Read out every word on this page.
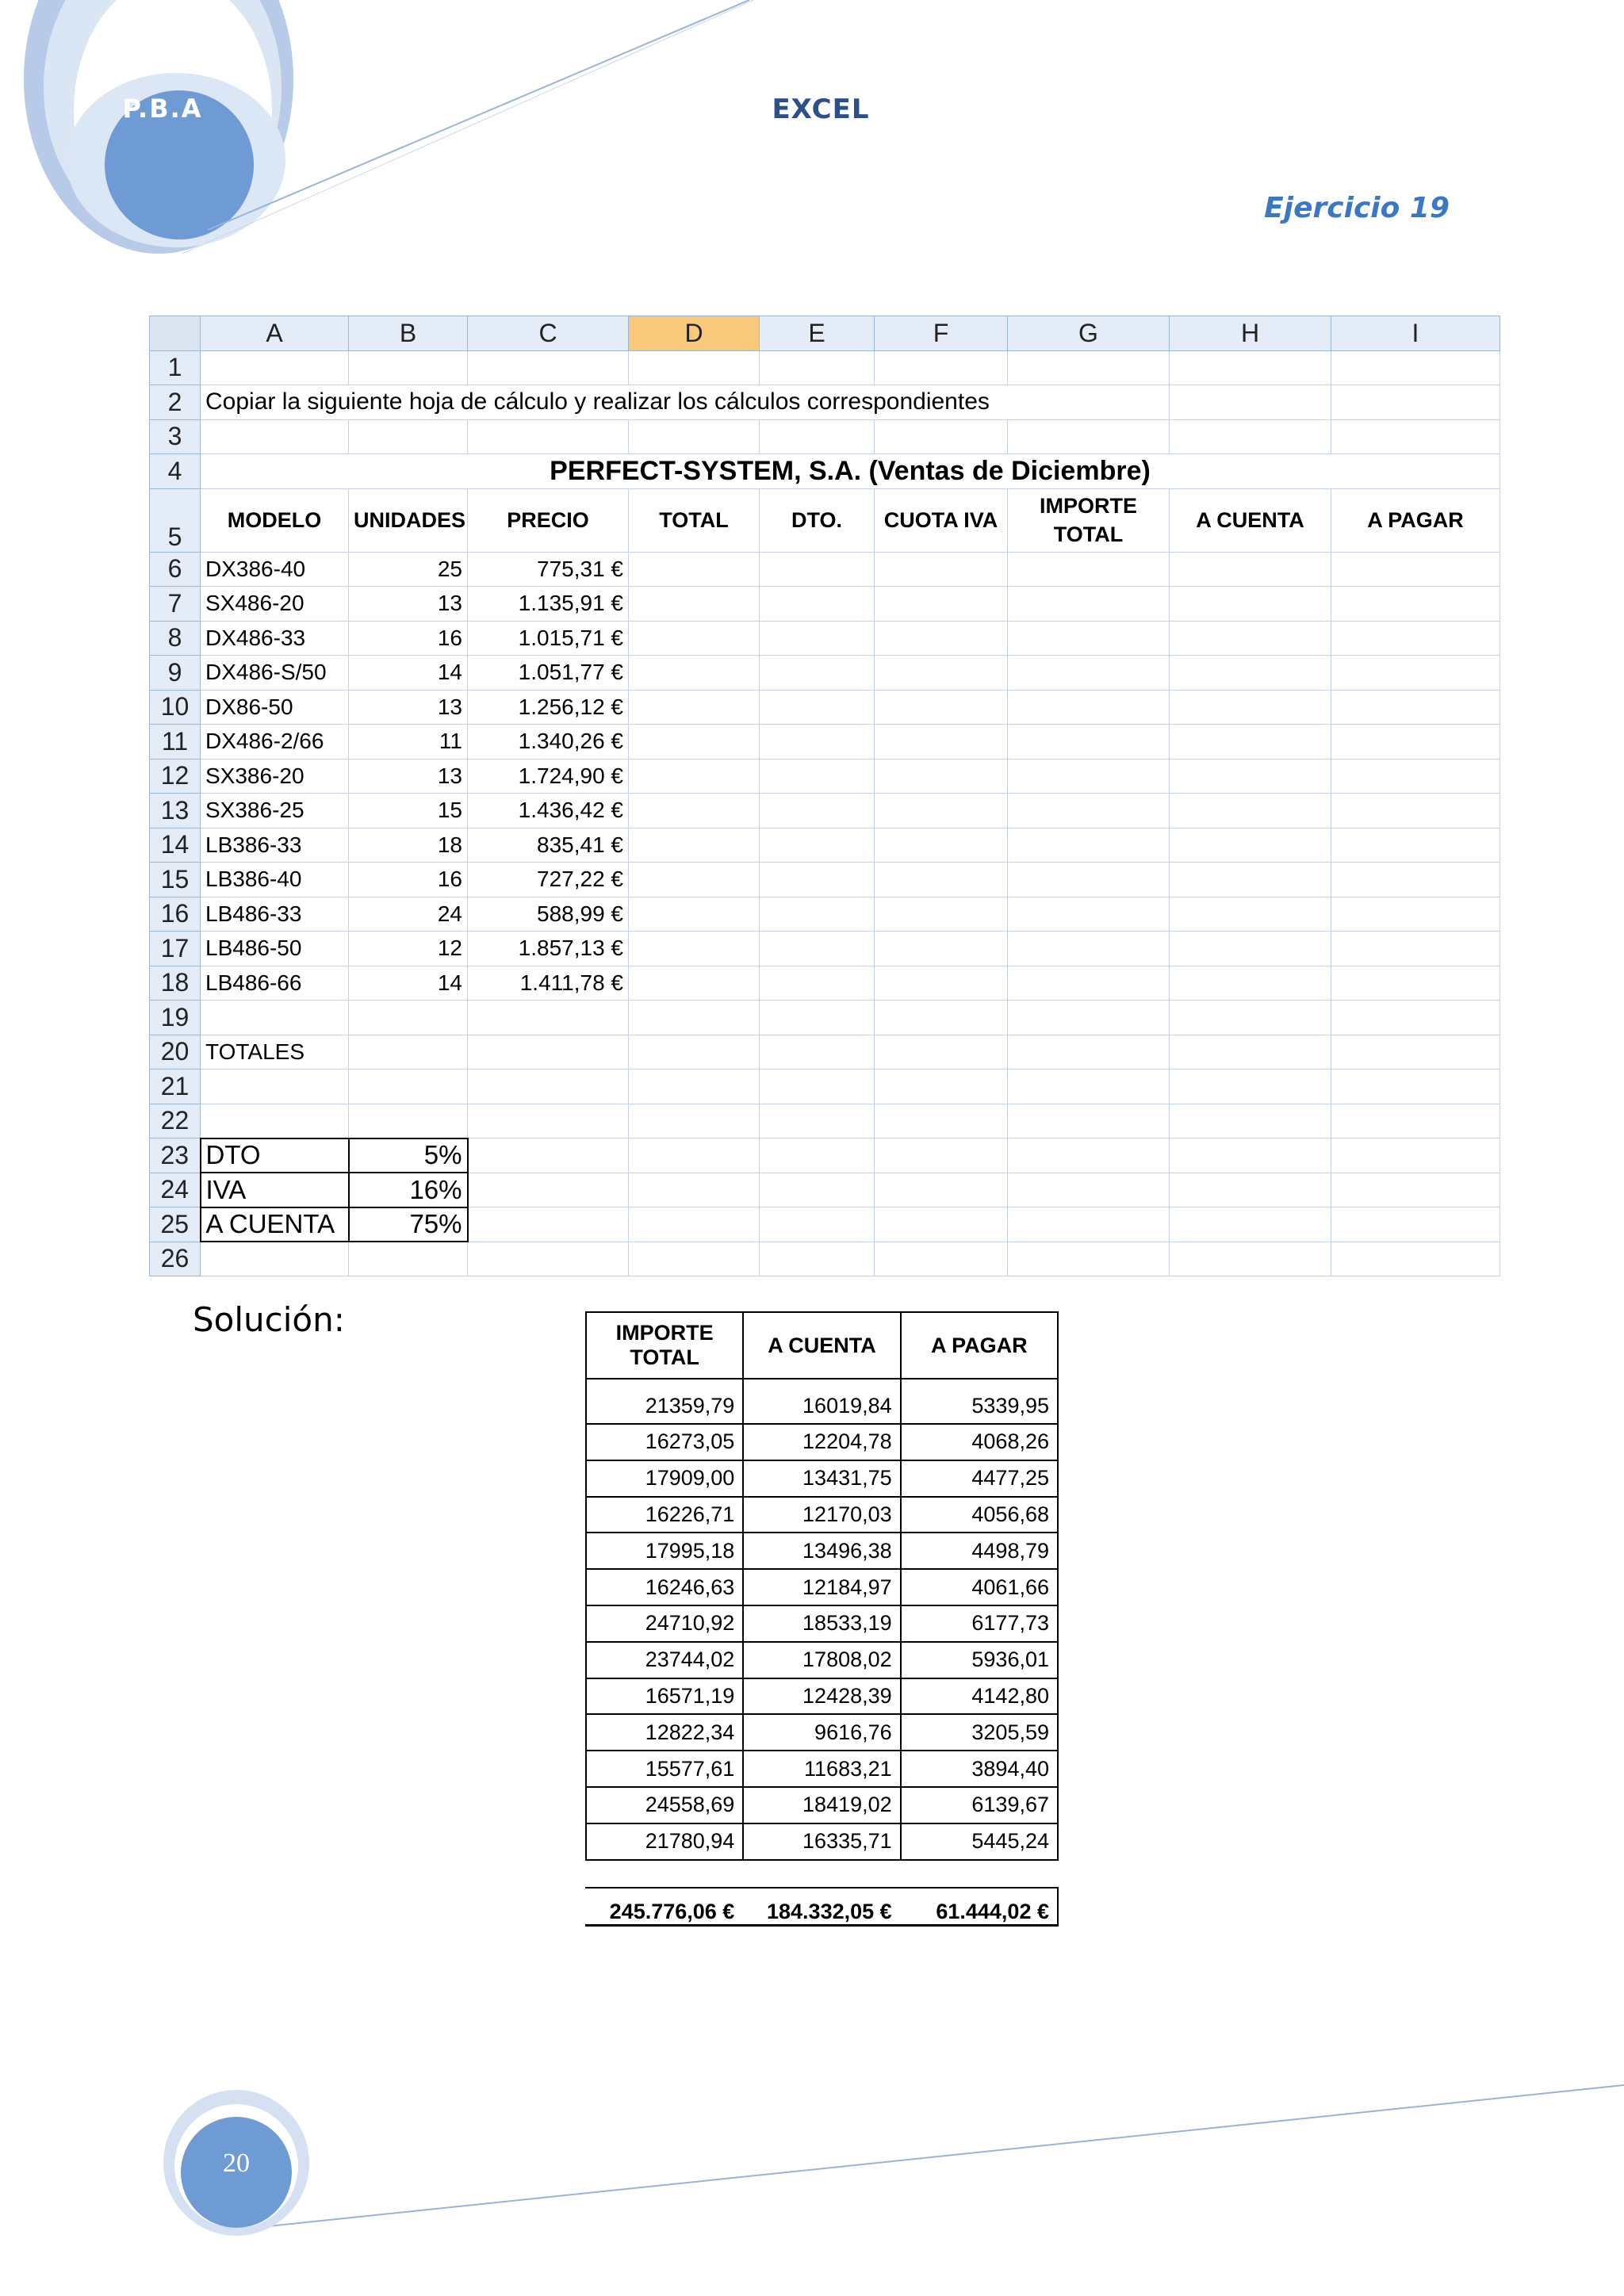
P.B.A	EXCEL
Ejercicio 19
	A	B	C	D	E	F	G	H	I
1									
2	Copiar la siguiente hoja de cálculo y realizar los cálculos correspondientes								
3									
4	PERFECT-SYSTEM, S.A. (Ventas de Diciembre)								
5	MODELO	UNIDADES	PRECIO	TOTAL	DTO.	CUOTA IVA	IMPORTE TOTAL	A CUENTA	A PAGAR
6	DX386-40	25	775,31 €						
7	SX486-20	13	1.135,91 €						
8	DX486-33	16	1.015,71 €						
9	DX486-S/50	14	1.051,77 €						
10	DX86-50	13	1.256,12 €						
11	DX486-2/66	11	1.340,26 €						
12	SX386-20	13	1.724,90 €						
13	SX386-25	15	1.436,42 €						
14	LB386-33	18	835,41 €						
15	LB386-40	16	727,22 €						
16	LB486-33	24	588,99 €						
17	LB486-50	12	1.857,13 €						
18	LB486-66	14	1.411,78 €						
19									
20	TOTALES								
21									
22									
23	DTO	5%							
24	IVA	16%							
25	A CUENTA	75%							
26									
Solución:	IMPORTE TOTAL	A CUENTA	A PAGAR
21359,79	16019,84	5339,95
16273,05	12204,78	4068,26
17909,00	13431,75	4477,25
16226,71	12170,03	4056,68
17995,18	13496,38	4498,79
16246,63	12184,97	4061,66
24710,92	18533,19	6177,73
23744,02	17808,02	5936,01
16571,19	12428,39	4142,80
12822,34	9616,76	3205,59
15577,61	11683,21	3894,40
24558,69	18419,02	6139,67
21780,94	16335,71	5445,24
245.776,06 €	184.332,05 €	61.444,02 €
20
